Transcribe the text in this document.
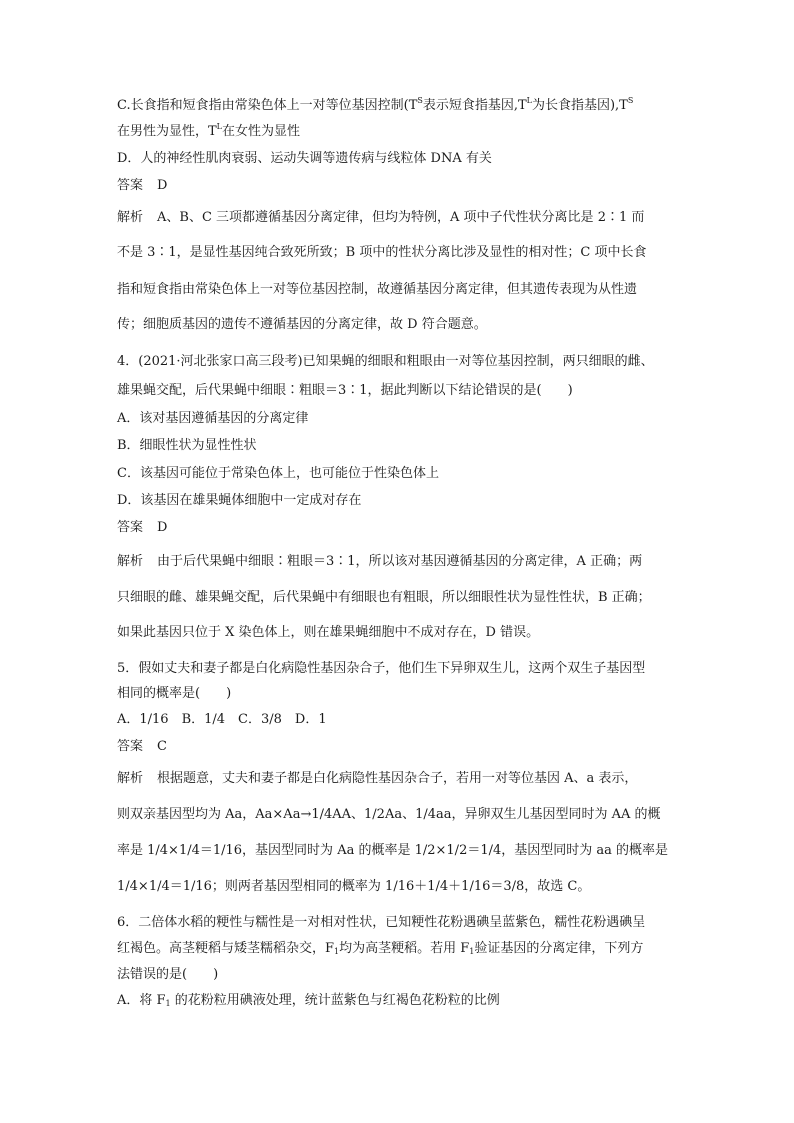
C.长食指和短食指由常染色体上一对等位基因控制($T^S$表示短食指基因$,T^L$为长食指基因)$,T^S$
在男性为显性，$T^L$在女性为显性
D．人的神经性肌肉衰弱、运动失调等遗传病与线粒体 DNA 有关
答案 D
解析 A、B、C 三项都遵循基因分离定律，但均为特例，A 项中子代性状分离比是 2∶1 而
不是 3∶1，是显性基因纯合致死所致；B 项中的性状分离比涉及显性的相对性；C 项中长食
指和短食指由常染色体上一对等位基因控制，故遵循基因分离定律，但其遗传表现为从性遗
传；细胞质基因的遗传不遵循基因的分离定律，故 D 符合题意。
4．(2021·河北张家口高三段考)已知果蝇的细眼和粗眼由一对等位基因控制，两只细眼的雌、
雄果蝇交配，后代果蝇中细眼∶粗眼＝3∶1，据此判断以下结论错误的是(　　)
A．该对基因遵循基因的分离定律
B．细眼性状为显性性状
C．该基因可能位于常染色体上，也可能位于性染色体上
D．该基因在雄果蝇体细胞中一定成对存在
答案 D
解析 由于后代果蝇中细眼∶粗眼＝3∶1，所以该对基因遵循基因的分离定律，A 正确；两
只细眼的雌、雄果蝇交配，后代果蝇中有细眼也有粗眼，所以细眼性状为显性性状，B 正确；
如果此基因只位于 X 染色体上，则在雄果蝇细胞中不成对存在，D 错误。
5．假如丈夫和妻子都是白化病隐性基因杂合子，他们生下异卵双生儿，这两个双生子基因型
相同的概率是(　　)
A．1/16　B．1/4　C．3/8　D．1
答案 C
解析 根据题意，丈夫和妻子都是白化病隐性基因杂合子，若用一对等位基因 A、a 表示，
则双亲基因型均为 Aa，Aa×Aa→1/4AA、1/2Aa、1/4aa，异卵双生儿基因型同时为 AA 的概
率是 1/4×1/4＝1/16，基因型同时为 Aa 的概率是 1/2×1/2＝1/4，基因型同时为 aa 的概率是
1/4×1/4＝1/16；则两者基因型相同的概率为 1/16＋1/4＋1/16＝3/8，故选 C。
6．二倍体水稻的粳性与糯性是一对相对性状，已知粳性花粉遇碘呈蓝紫色，糯性花粉遇碘呈
红褐色。高茎粳稻与矮茎糯稻杂交，$F_1$均为高茎粳稻。若用 $F_1$验证基因的分离定律，下列方
法错误的是(　　)
A．将 $F_1$ 的花粉粒用碘液处理，统计蓝紫色与红褐色花粉粒的比例
